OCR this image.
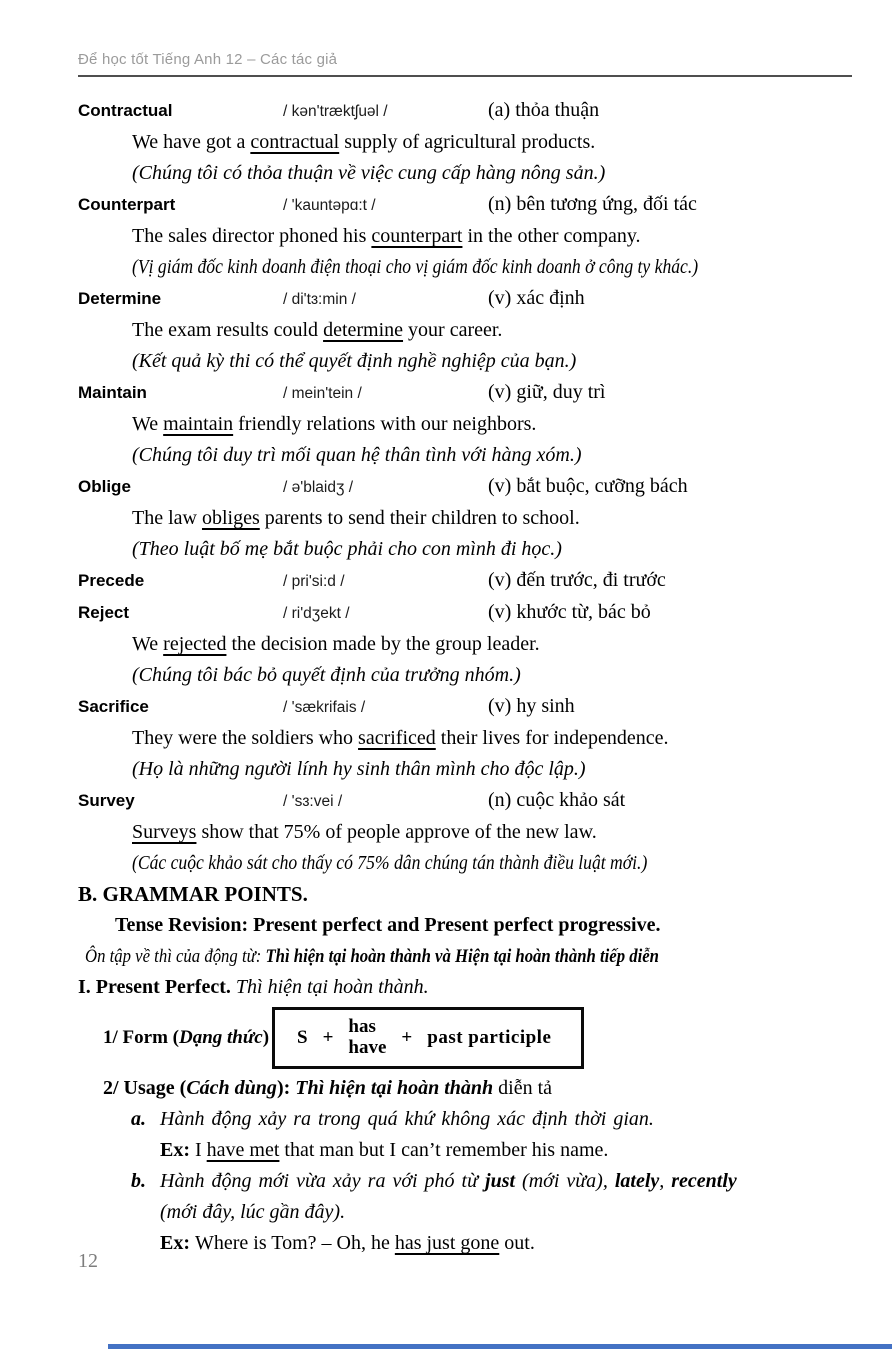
Để học tốt Tiếng Anh 12 – Các tác giả
Contractual	/ kən'træktʃuəl /	(a) thỏa thuận
We have got a contractual supply of agricultural products.
(Chúng tôi có thỏa thuận về việc cung cấp hàng nông sản.)
Counterpart	/ 'kauntəpɑ:t /	(n) bên tương ứng, đối tác
The sales director phoned his counterpart in the other company.
(Vị giám đốc kinh doanh điện thoại cho vị giám đốc kinh doanh ở công ty khác.)
Determine	/ di'tɜ:min /	(v) xác định
The exam results could determine your career.
(Kết quả kỳ thi có thể quyết định nghề nghiệp của bạn.)
Maintain	/ mein'tein /	(v) giữ, duy trì
We maintain friendly relations with our neighbors.
(Chúng tôi duy trì mối quan hệ thân tình với hàng xóm.)
Oblige	/ ə'blaidʒ /	(v) bắt buộc, cưỡng bách
The law obliges parents to send their children to school.
(Theo luật bố mẹ bắt buộc phải cho con mình đi học.)
Precede	/ pri'si:d /	(v) đến trước, đi trước
Reject	/ ri'dʒekt /	(v) khước từ, bác bỏ
We rejected the decision made by the group leader.
(Chúng tôi bác bỏ quyết định của trưởng nhóm.)
Sacrifice	/ 'sækrifais /	(v) hy sinh
They were the soldiers who sacrificed their lives for independence.
(Họ là những người lính hy sinh thân mình cho độc lập.)
Survey	/ 'sɜ:vei /	(n) cuộc khảo sát
Surveys show that 75% of people approve of the new law.
(Các cuộc khảo sát cho thấy có 75% dân chúng tán thành điều luật mới.)
B. GRAMMAR POINTS.
Tense Revision: Present perfect and Present perfect progressive.
Ôn tập về thì của động từ: Thì hiện tại hoàn thành và Hiện tại hoàn thành tiếp diễn
I. Present Perfect. Thì hiện tại hoàn thành.
1/ Form (Dạng thức) S +
has
have + past participle
2/ Usage (Cách dùng): Thì hiện tại hoàn thành diễn tả
a. Hành động xảy ra trong quá khứ không xác định thời gian.
Ex: I have met that man but I can’t remember his name.
b. Hành động mới vừa xảy ra với phó từ just (mới vừa), lately, recently
(mới đây, lúc gần đây).
Ex: Where is Tom? – Oh, he has just gone out.
12
